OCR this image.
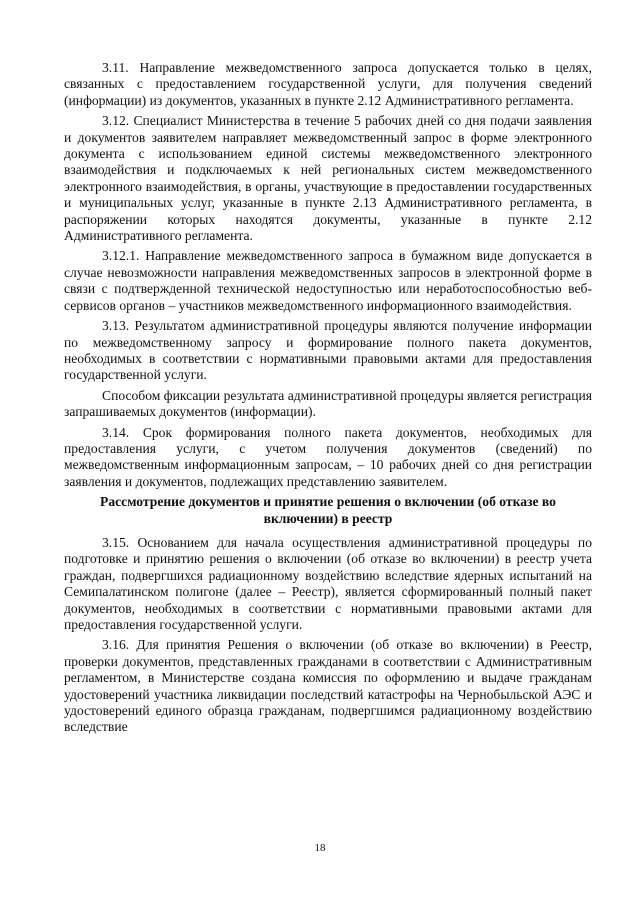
3.11. Направление межведомственного запроса допускается только в целях, связанных с предоставлением государственной услуги, для получения сведений (информации) из документов, указанных в пункте 2.12 Административного регламента.

3.12. Специалист Министерства в течение 5 рабочих дней со дня подачи заявления и документов заявителем направляет межведомственный запрос в форме электронного документа с использованием единой системы межведомственного электронного взаимодействия и подключаемых к ней региональных систем межведомственного электронного взаимодействия, в органы, участвующие в предоставлении государственных и муниципальных услуг, указанные в пункте 2.13 Административного регламента, в распоряжении которых находятся документы, указанные в пункте 2.12 Административного регламента.

3.12.1. Направление межведомственного запроса в бумажном виде допускается в случае невозможности направления межведомственных запросов в электронной форме в связи с подтвержденной технической недоступностью или неработоспособностью веб-сервисов органов – участников межведомственного информационного взаимодействия.

3.13. Результатом административной процедуры являются получение информации по межведомственному запросу и формирование полного пакета документов, необходимых в соответствии с нормативными правовыми актами для предоставления государственной услуги.

Способом фиксации результата административной процедуры является регистрация запрашиваемых документов (информации).

3.14. Срок формирования полного пакета документов, необходимых для предоставления услуги, с учетом получения документов (сведений) по межведомственным информационным запросам, – 10 рабочих дней со дня регистрации заявления и документов, подлежащих представлению заявителем.

Рассмотрение документов и принятие решения о включении (об отказе во включении) в реестр

3.15. Основанием для начала осуществления административной процедуры по подготовке и принятию решения о включении (об отказе во включении) в реестр учета граждан, подвергшихся радиационному воздействию вследствие ядерных испытаний на Семипалатинском полигоне (далее – Реестр), является сформированный полный пакет документов, необходимых в соответствии с нормативными правовыми актами для предоставления государственной услуги.

3.16. Для принятия Решения о включении (об отказе во включении) в Реестр, проверки документов, представленных гражданами в соответствии с Административным регламентом, в Министерстве создана комиссия по оформлению и выдаче гражданам удостоверений участника ликвидации последствий катастрофы на Чернобыльской АЭС и удостоверений единого образца гражданам, подвергшимся радиационному воздействию вследствие

18
